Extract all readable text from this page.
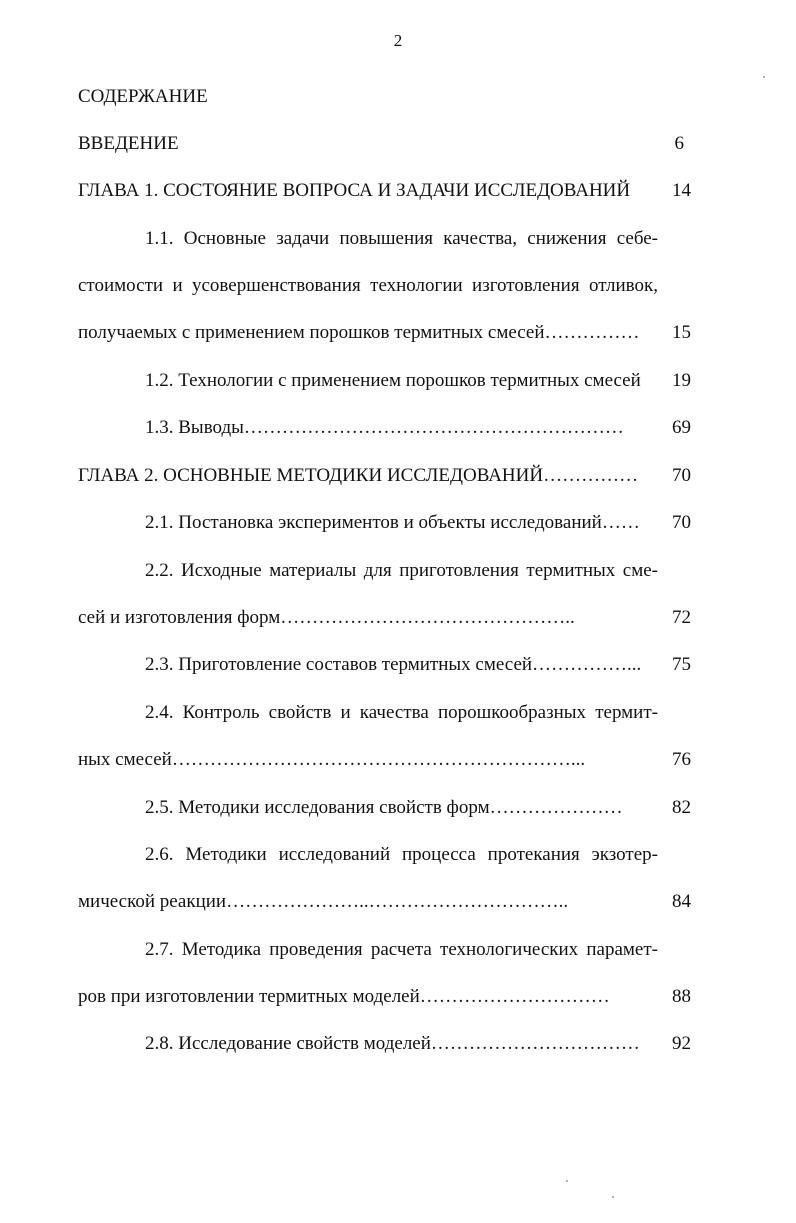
2
СОДЕРЖАНИЕ
ВВЕДЕНИЕ	6
ГЛАВА 1. СОСТОЯНИЕ ВОПРОСА И ЗАДАЧИ ИССЛЕДОВАНИЙ	14
1.1. Основные задачи повышения качества, снижения себе-
стоимости и усовершенствования технологии изготовления отливок,
получаемых с применением порошков термитных смесей……………	15
1.2. Технологии с применением порошков термитных смесей	19
1.3. Выводы……………………………………………………	69
ГЛАВА 2. ОСНОВНЫЕ МЕТОДИКИ ИССЛЕДОВАНИЙ……………	70
2.1. Постановка экспериментов и объекты исследований……	70
2.2. Исходные материалы для приготовления термитных сме-
сей и изготовления форм………………………………………..	72
2.3. Приготовление составов термитных смесей……………...	75
2.4. Контроль свойств и качества порошкообразных термит-
ных смесей………………………………………………………...	76
2.5. Методики исследования свойств форм…………………	82
2.6. Методики исследований процесса протекания экзотер-
мической реакции…………………..…………………………..	84
2.7. Методика проведения расчета технологических парамет-
ров при изготовлении термитных моделей…………………………	88
2.8. Исследование свойств моделей……………………………	92
